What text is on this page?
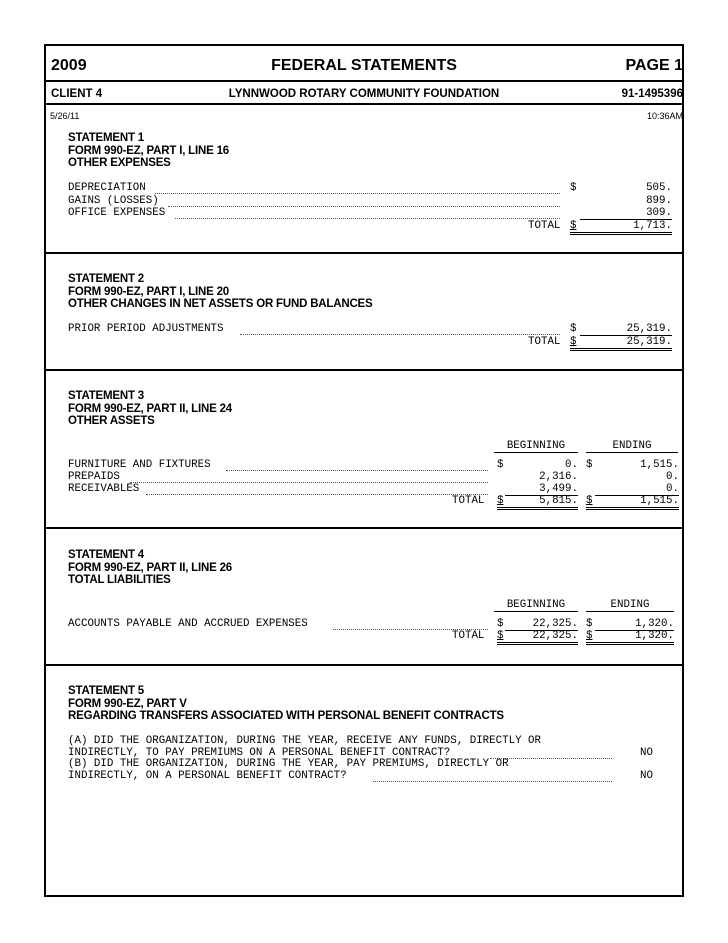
2009	FEDERAL STATEMENTS	PAGE 1
CLIENT 4	LYNNWOOD ROTARY COMMUNITY FOUNDATION	91-1495396
5/26/11	10:36AM
STATEMENT 1
FORM 990-EZ, PART I, LINE 16
OTHER EXPENSES
DEPRECIATION	$	505.
GAINS (LOSSES)	899.
OFFICE EXPENSES	309.
TOTAL $	1,713.
STATEMENT 2
FORM 990-EZ, PART I, LINE 20
OTHER CHANGES IN NET ASSETS OR FUND BALANCES
PRIOR PERIOD ADJUSTMENTS	$	25,319.
TOTAL $	25,319.
STATEMENT 3
FORM 990-EZ, PART II, LINE 24
OTHER ASSETS
BEGINNING	ENDING
FURNITURE AND FIXTURES	$	0. $	1,515.
PREPAIDS	2,316.	0.
RECEIVABLES	3,499.	0.
TOTAL $	5,815. $	1,515.
STATEMENT 4
FORM 990-EZ, PART II, LINE 26
TOTAL LIABILITIES
BEGINNING	ENDING
ACCOUNTS PAYABLE AND ACCRUED EXPENSES	$	22,325. $	1,320.
TOTAL $	22,325. $	1,320.
STATEMENT 5
FORM 990-EZ, PART V
REGARDING TRANSFERS ASSOCIATED WITH PERSONAL BENEFIT CONTRACTS
(A) DID THE ORGANIZATION, DURING THE YEAR, RECEIVE ANY FUNDS, DIRECTLY OR
INDIRECTLY, TO PAY PREMIUMS ON A PERSONAL BENEFIT CONTRACT?	NO
(B) DID THE ORGANIZATION, DURING THE YEAR, PAY PREMIUMS, DIRECTLY OR
INDIRECTLY, ON A PERSONAL BENEFIT CONTRACT?	NO
